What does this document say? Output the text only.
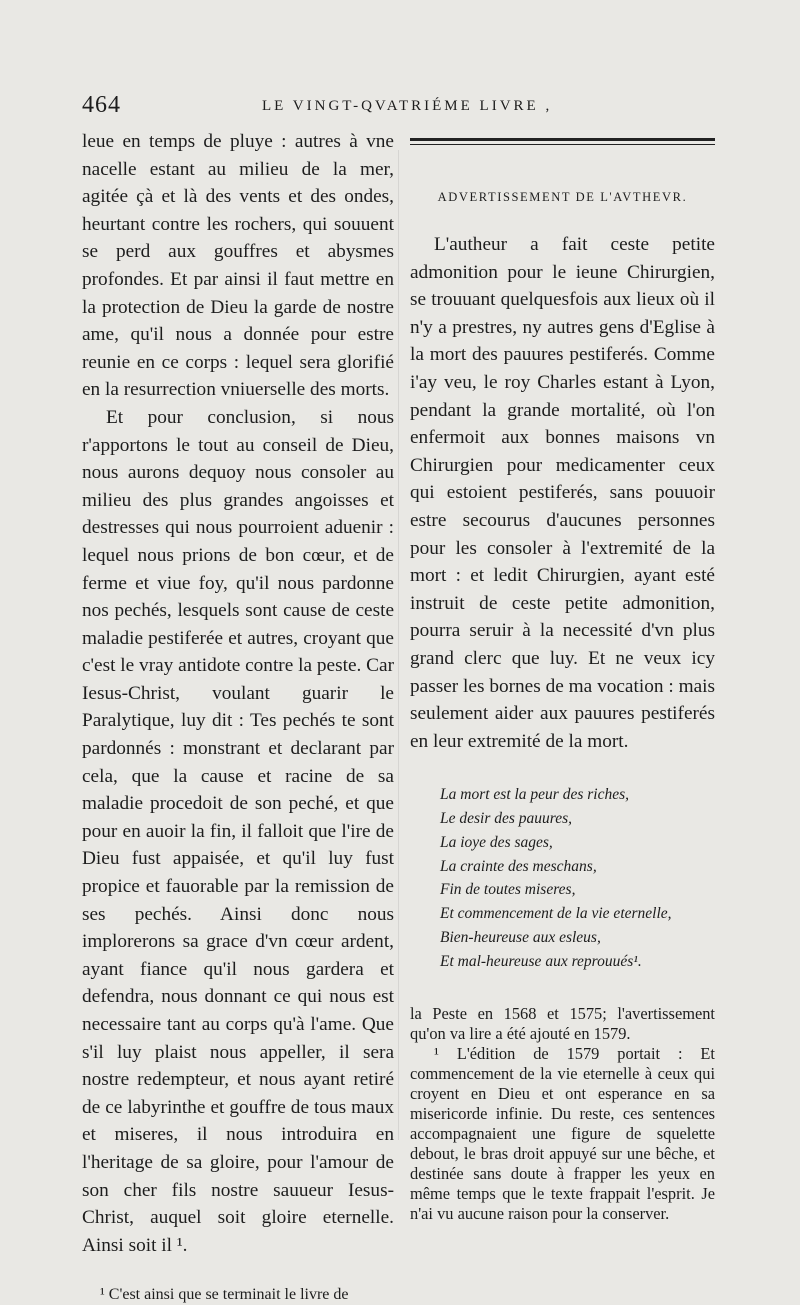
464	LE VINGT-QVATRIÉME LIVRE ,

leue en temps de pluye : autres à vne nacelle estant au milieu de la mer, agitée çà et là des vents et des ondes, heurtant contre les rochers, qui souuent se perd aux gouffres et abysmes profondes. Et par ainsi il faut mettre en la protection de Dieu la garde de nostre ame, qu'il nous a donnée pour estre reunie en ce corps : lequel sera glorifié en la resurrection vniuerselle des morts.

Et pour conclusion, si nous r'apportons le tout au conseil de Dieu, nous aurons dequoy nous consoler au milieu des plus grandes angoisses et destresses qui nous pourroient aduenir : lequel nous prions de bon cœur, et de ferme et viue foy, qu'il nous pardonne nos pechés, lesquels sont cause de ceste maladie pestiferée et autres, croyant que c'est le vray antidote contre la peste. Car Iesus-Christ, voulant guarir le Paralytique, luy dit : Tes pechés te sont pardonnés : monstrant et declarant par cela, que la cause et racine de sa maladie procedoit de son peché, et que pour en auoir la fin, il falloit que l'ire de Dieu fust appaisée, et qu'il luy fust propice et fauorable par la remission de ses pechés. Ainsi donc nous implorerons sa grace d'vn cœur ardent, ayant fiance qu'il nous gardera et defendra, nous donnant ce qui nous est necessaire tant au corps qu'à l'ame. Que s'il luy plaist nous appeller, il sera nostre redempteur, et nous ayant retiré de ce labyrinthe et gouffre de tous maux et miseres, il nous introduira en l'heritage de sa gloire, pour l'amour de son cher fils nostre sauueur Iesus-Christ, auquel soit gloire eternelle. Ainsi soit il ¹.

¹ C'est ainsi que se terminait le livre de

ADVERTISSEMENT DE L'AVTHEVR.

L'autheur a fait ceste petite admonition pour le ieune Chirurgien, se trouuant quelquesfois aux lieux où il n'y a prestres, ny autres gens d'Eglise à la mort des pauures pestiferés. Comme i'ay veu, le roy Charles estant à Lyon, pendant la grande mortalité, où l'on enfermoit aux bonnes maisons vn Chirurgien pour medicamenter ceux qui estoient pestiferés, sans pouuoir estre secourus d'aucunes personnes pour les consoler à l'extremité de la mort : et ledit Chirurgien, ayant esté instruit de ceste petite admonition, pourra seruir à la necessité d'vn plus grand clerc que luy. Et ne veux icy passer les bornes de ma vocation : mais seulement aider aux pauures pestiferés en leur extremité de la mort.

La mort est la peur des riches,
Le desir des pauures,
La ioye des sages,
La crainte des meschans,
Fin de toutes miseres,
Et commencement de la vie eternelle,
Bien-heureuse aux esleus,
Et mal-heureuse aux reprouués¹.

la Peste en 1568 et 1575; l'avertissement qu'on va lire a été ajouté en 1579.

¹ L'édition de 1579 portait : Et commencement de la vie eternelle à ceux qui croyent en Dieu et ont esperance en sa misericorde infinie. Du reste, ces sentences accompagnaient une figure de squelette debout, le bras droit appuyé sur une bêche, et destinée sans doute à frapper les yeux en même temps que le texte frappait l'esprit. Je n'ai vu aucune raison pour la conserver.
